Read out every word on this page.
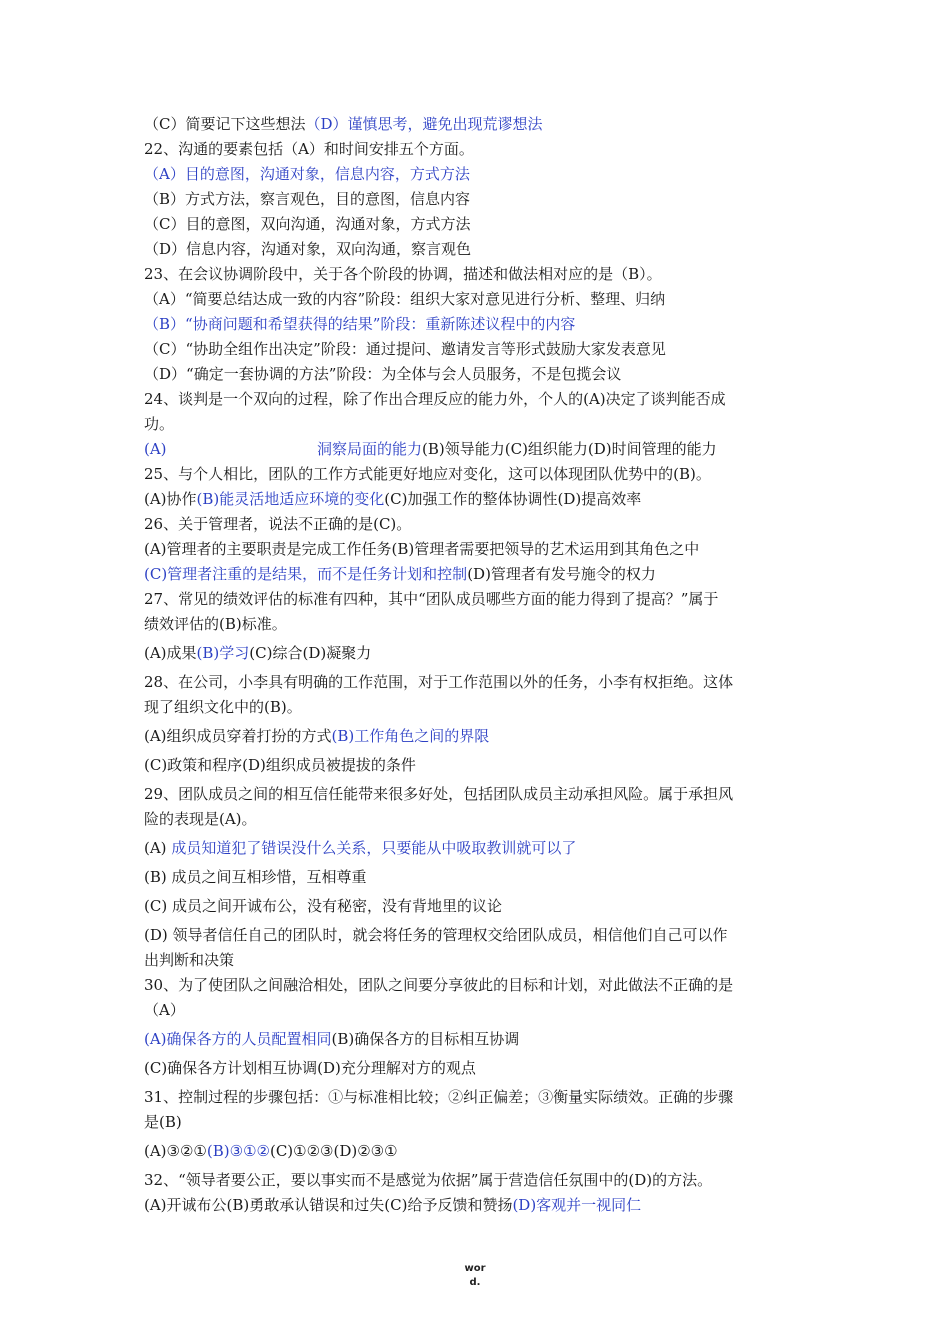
（C）简要记下这些想法（D）谨慎思考，避免出现荒谬想法
22、沟通的要素包括（A）和时间安排五个方面。
（A）目的意图，沟通对象，信息内容，方式方法
（B）方式方法，察言观色，目的意图，信息内容
（C）目的意图，双向沟通，沟通对象，方式方法
（D）信息内容，沟通对象，双向沟通，察言观色
23、在会议协调阶段中，关于各个阶段的协调，描述和做法相对应的是（B）。
（A）“简要总结达成一致的内容”阶段：组织大家对意见进行分析、整理、归纳
（B）“协商问题和希望获得的结果”阶段：重新陈述议程中的内容
（C）“协助全组作出决定”阶段：通过提问、邀请发言等形式鼓励大家发表意见
（D）“确定一套协调的方法”阶段：为全体与会人员服务，不是包揽会议
24、谈判是一个双向的过程，除了作出合理反应的能力外，个人的(A)决定了谈判能否成
功。
(A)	洞察局面的能力(B)领导能力(C)组织能力(D)时间管理的能力
25、与个人相比，团队的工作方式能更好地应对变化，这可以体现团队优势中的(B)。
(A)协作(B)能灵活地适应环境的变化(C)加强工作的整体协调性(D)提高效率
26、关于管理者，说法不正确的是(C)。
(A)管理者的主要职责是完成工作任务(B)管理者需要把领导的艺术运用到其角色之中
(C)管理者注重的是结果，而不是任务计划和控制(D)管理者有发号施令的权力
27、常见的绩效评估的标准有四种，其中“团队成员哪些方面的能力得到了提高？”属于
绩效评估的(B)标准。
(A)成果(B)学习(C)综合(D)凝聚力
28、在公司，小李具有明确的工作范围，对于工作范围以外的任务，小李有权拒绝。这体
现了组织文化中的(B)。
(A)组织成员穿着打扮的方式(B)工作角色之间的界限
(C)政策和程序(D)组织成员被提拔的条件
29、团队成员之间的相互信任能带来很多好处，包括团队成员主动承担风险。属于承担风
险的表现是(A)。
(A) 成员知道犯了错误没什么关系，只要能从中吸取教训就可以了
(B) 成员之间互相珍惜，互相尊重
(C) 成员之间开诚布公，没有秘密，没有背地里的议论
(D) 领导者信任自己的团队时，就会将任务的管理权交给团队成员，相信他们自己可以作
出判断和决策
30、为了使团队之间融洽相处，团队之间要分享彼此的目标和计划，对此做法不正确的是
（A）
(A)确保各方的人员配置相同(B)确保各方的目标相互协调
(C)确保各方计划相互协调(D)充分理解对方的观点
31、控制过程的步骤包括：①与标准相比较；②纠正偏差；③衡量实际绩效。正确的步骤
是(B)
(A)③②①(B)③①②(C)①②③(D)②③①
32、“领导者要公正，要以事实而不是感觉为依据”属于营造信任氛围中的(D)的方法。
(A)开诚布公(B)勇敢承认错误和过失(C)给予反馈和赞扬(D)客观并一视同仁
wor
d.
